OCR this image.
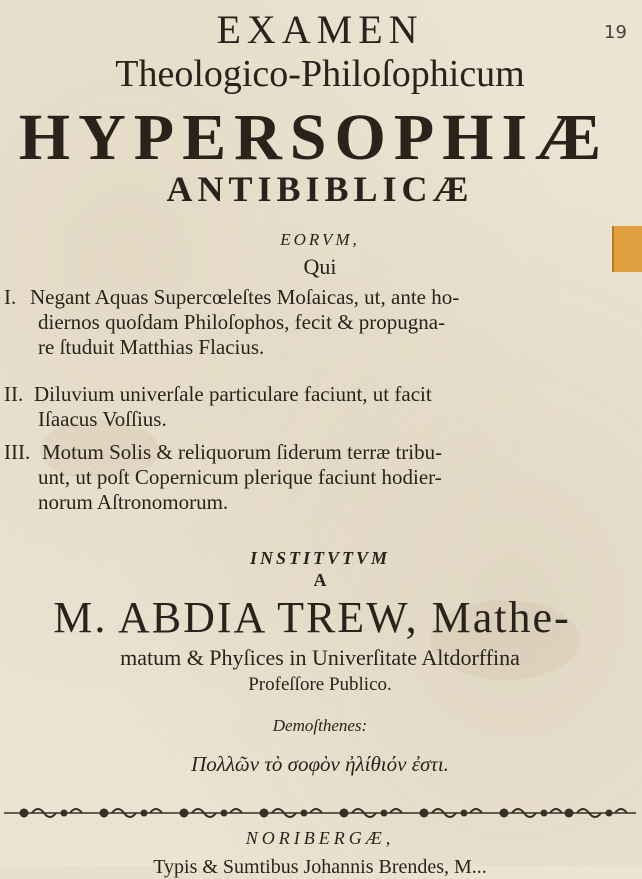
19
EXAMEN
Theologico-Philoſophicum
HYPERSOPHIÆ
ANTIBIBLICÆ
EORVM,
Qui
I. Negant Aquas Supercœleſtes Moſaicas, ut, ante ho-
diernos quoſdam Philoſophos, fecit & propugna-
re ſtuduit Matthias Flacius.
II. Diluvium univerſale particulare faciunt, ut facit
Iſaacus Voſſius.
III. Motum Solis & reliquorum ſiderum terræ tribu-
unt, ut poſt Copernicum plerique faciunt hodier-
norum Aſtronomorum.
INSTITVTVM
A
M. ABDIA TREW, Mathe-
matum & Phyſices in Univerſitate Altdorffina
Profeſſore Publico.
Demoſthenes:
Πολλῶν τὸ σοφὸν ἠλίθιόν ἐστι.
NORIBERGÆ,
Typis & Sumtibus Johannis Brendes, M...
